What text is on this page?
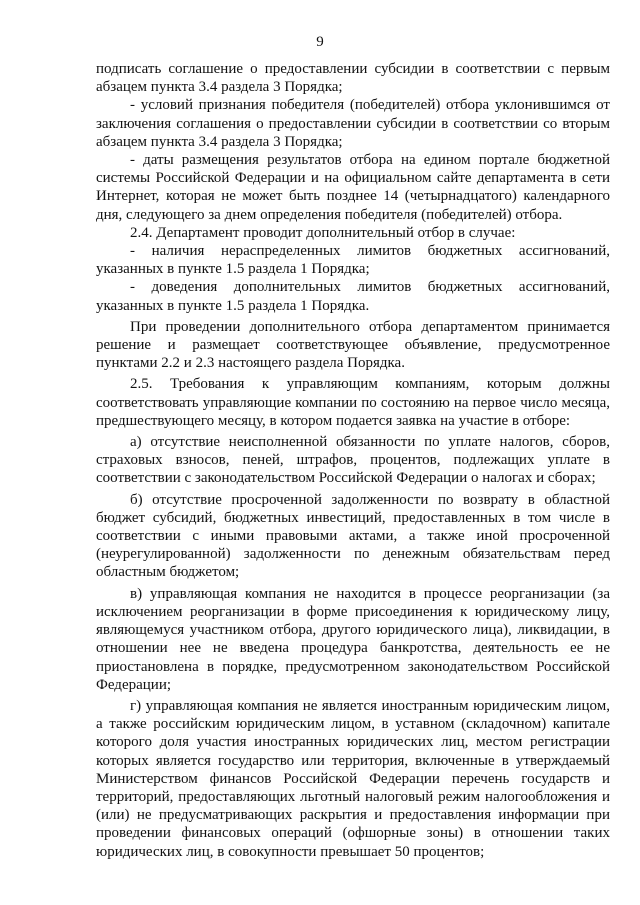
9

подписать соглашение о предоставлении субсидии в соответствии с первым абзацем пункта 3.4 раздела 3 Порядка;

- условий признания победителя (победителей) отбора уклонившимся от заключения соглашения о предоставлении субсидии в соответствии со вторым абзацем пункта 3.4 раздела 3 Порядка;

- даты размещения результатов отбора на едином портале бюджетной системы Российской Федерации и на официальном сайте департамента в сети Интернет, которая не может быть позднее 14 (четырнадцатого) календарного дня, следующего за днем определения победителя (победителей) отбора.

2.4. Департамент проводит дополнительный отбор в случае:

- наличия нераспределенных лимитов бюджетных ассигнований, указанных в пункте 1.5 раздела 1 Порядка;

- доведения дополнительных лимитов бюджетных ассигнований, указанных в пункте 1.5 раздела 1 Порядка.

При проведении дополнительного отбора департаментом принимается решение и размещает соответствующее объявление, предусмотренное пунктами 2.2 и 2.3 настоящего раздела Порядка.

2.5. Требования к управляющим компаниям, которым должны соответствовать управляющие компании по состоянию на первое число месяца, предшествующего месяцу, в котором подается заявка на участие в отборе:

а) отсутствие неисполненной обязанности по уплате налогов, сборов, страховых взносов, пеней, штрафов, процентов, подлежащих уплате в соответствии с законодательством Российской Федерации о налогах и сборах;

б) отсутствие просроченной задолженности по возврату в областной бюджет субсидий, бюджетных инвестиций, предоставленных в том числе в соответствии с иными правовыми актами, а также иной просроченной (неурегулированной) задолженности по денежным обязательствам перед областным бюджетом;

в) управляющая компания не находится в процессе реорганизации (за исключением реорганизации в форме присоединения к юридическому лицу, являющемуся участником отбора, другого юридического лица), ликвидации, в отношении нее не введена процедура банкротства, деятельность ее не приостановлена в порядке, предусмотренном законодательством Российской Федерации;

г) управляющая компания не является иностранным юридическим лицом, а также российским юридическим лицом, в уставном (складочном) капитале которого доля участия иностранных юридических лиц, местом регистрации которых является государство или территория, включенные в утверждаемый Министерством финансов Российской Федерации перечень государств и территорий, предоставляющих льготный налоговый режим налогообложения и (или) не предусматривающих раскрытия и предоставления информации при проведении финансовых операций (офшорные зоны) в отношении таких юридических лиц, в совокупности превышает 50 процентов;
